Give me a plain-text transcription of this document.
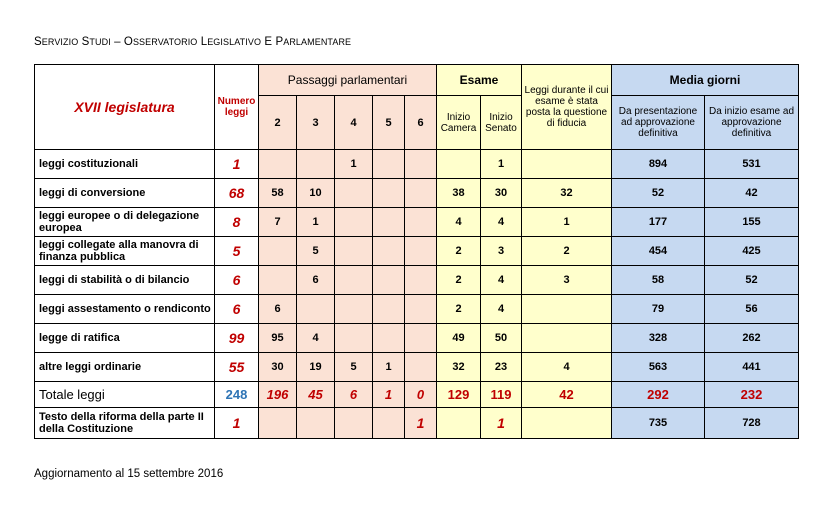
SERVIZIO STUDI – OSSERVATORIO LEGISLATIVO E PARLAMENTARE
XVII legislatura	Numero leggi	Passaggi parlamentari					Esame		Leggi durante il cui esame è stata posta la questione di fiducia	Media giorni	
		2	3	4	5	6	Inizio Camera	Inizio Senato		Da presentazione ad approvazione definitiva	Da inizio esame ad approvazione definitiva
leggi costituzionali	1			1				1		894	531
leggi di conversione	68	58	10				38	30	32	52	42
leggi europee o di delegazione europea	8	7	1				4	4	1	177	155
leggi collegate alla manovra di finanza pubblica	5		5				2	3	2	454	425
leggi di stabilità o di bilancio	6		6				2	4	3	58	52
leggi assestamento o rendiconto	6	6					2	4		79	56
legge di ratifica	99	95	4				49	50		328	262
altre leggi ordinarie	55	30	19	5	1		32	23	4	563	441
Totale leggi	248	196	45	6	1	0	129	119	42	292	232
Testo della riforma della parte II della Costituzione	1					1		1		735	728
Aggiornamento al 15 settembre 2016
